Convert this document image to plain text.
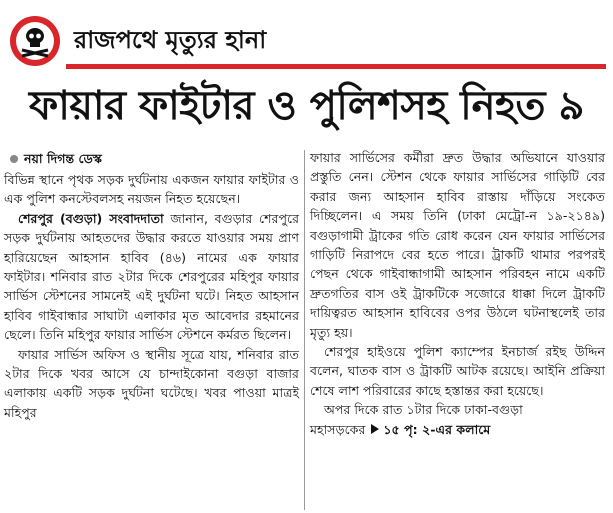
রাজপথে মৃত্যুর হানা
ফায়ার ফাইটার ও পুলিশসহ নিহত ৯
নয়া দিগন্ত ডেস্ক

বিভিন্ন স্থানে পৃথক সড়ক দুর্ঘটনায় একজন ফায়ার ফাইটার ও এক পুলিশ কনস্টেবলসহ নয়জন নিহত হয়েছেন।

শেরপুর (বগুড়া) সংবাদদাতা জানান, বগুড়ার শেরপুরে সড়ক দুর্ঘটনায় আহতদের উদ্ধার করতে যাওয়ার সময় প্রাণ হারিয়েছেন আহসান হাবিব (৪৬) নামের এক ফায়ার ফাইটার। শনিবার রাত ২টার দিকে শেরপুরের মহিপুর ফায়ার সার্ভিস স্টেশনের সামনেই এই দুর্ঘটনা ঘটে। নিহত আহসান হাবিব গাইবান্ধার সাঘাটা এলাকার মৃত আবেদার রহমানের ছেলে। তিনি মহিপুর ফায়ার সার্ভিস স্টেশনে কর্মরত ছিলেন।

ফায়ার সার্ভিস অফিস ও স্থানীয় সূত্রে যায়, শনিবার রাত ২টার দিকে খবর আসে যে চান্দাইকোনা বগুড়া বাজার এলাকায় একটি সড়ক দুর্ঘটনা ঘটেছে। খবর পাওয়া মাত্রই মহিপুর

ফায়ার সার্ভিসের কর্মীরা দ্রুত উদ্ধার অভিযানে যাওয়ার প্রস্তুতি নেন। স্টেশন থেকে ফায়ার সার্ভিসের গাড়িটি বের করার জন্য আহসান হাবিব রাস্তায় দাঁড়িয়ে সংকেত দিচ্ছিলেন। এ সময় তিনি (ঢাকা মেট্রো-ন ১৯-২১৪৯) বগুড়াগামী ট্রাকের গতি রোধ করেন যেন ফায়ার সার্ভিসের গাড়িটি নিরাপদে বের হতে পারে। ট্রাকটি থামার পরপরই পেছন থেকে গাইবান্ধাগামী আহসান পরিবহন নামে একটি দ্রুতগতির বাস ওই ট্রাকটিকে সজোরে ধাক্কা দিলে ট্রাকটি দায়িত্বরত আহসান হাবিবের ওপর উঠলে ঘটনাস্থলেই তার মৃত্যু হয়।

শেরপুর হাইওয়ে পুলিশ ক্যাম্পের ইনচার্জ রইছ উদ্দিন বলেন, ঘাতক বাস ও ট্রাকটি আটক রয়েছে। আইনি প্রক্রিয়া শেষে লাশ পরিবারের কাছে হস্তান্তর করা হয়েছে।

অপর দিকে রাত ১টার দিকে ঢাকা-বগুড়া

মহাসড়কের ১৫ পৃ: ২-এর কলামে
